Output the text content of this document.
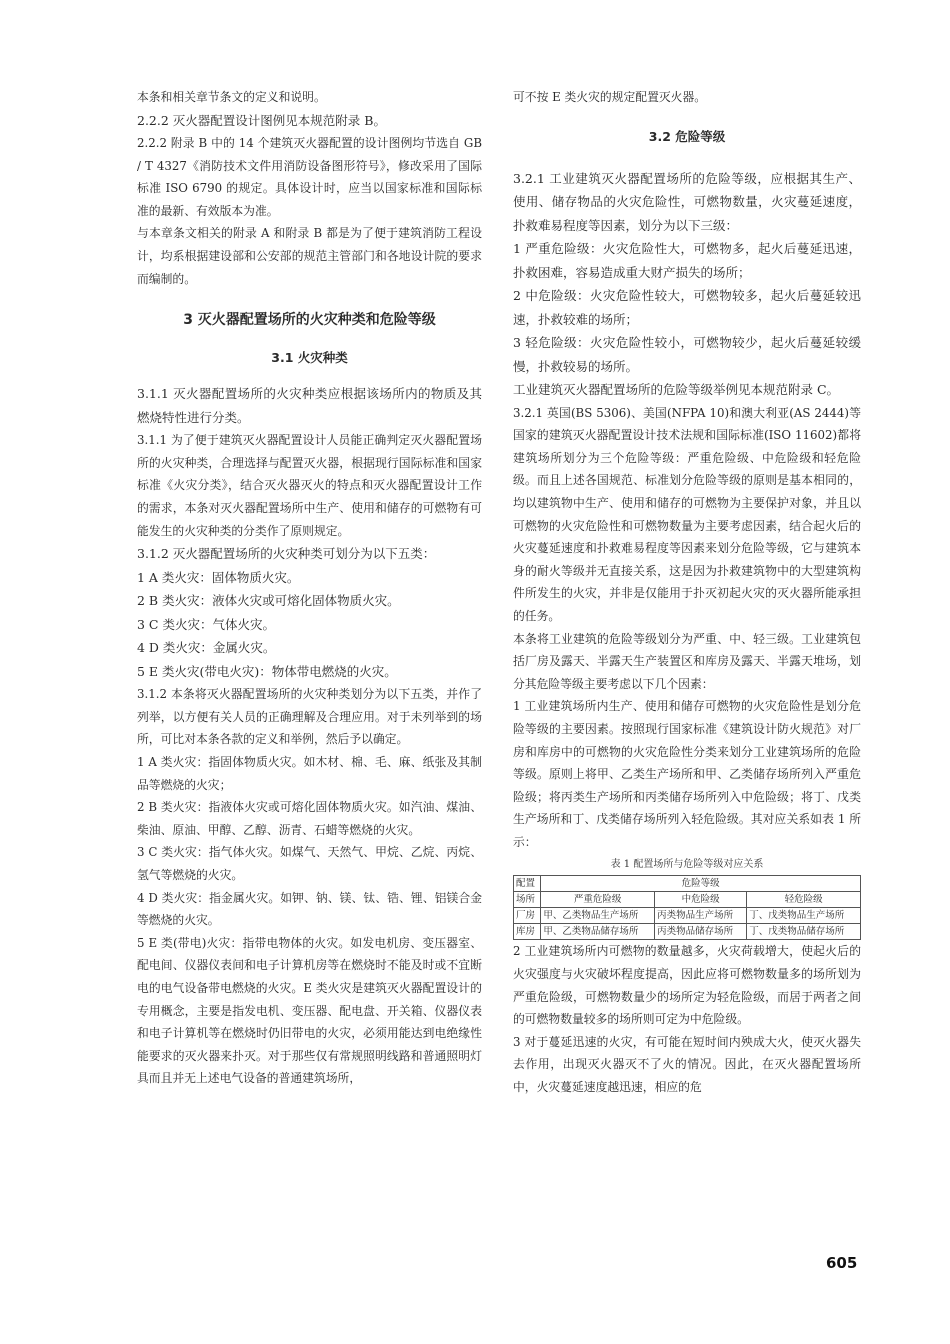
本条和相关章节条文的定义和说明。

2.2.2 灭火器配置设计图例见本规范附录 B。

2.2.2 附录 B 中的 14 个建筑灭火器配置的设计图例均节选自 GB / T 4327《消防技术文件用消防设备图形符号》，修改采用了国际标准 ISO 6790 的规定。具体设计时，应当以国家标准和国际标准的最新、有效版本为准。

与本章条文相关的附录 A 和附录 B 都是为了便于建筑消防工程设计，均系根据建设部和公安部的规范主管部门和各地设计院的要求而编制的。

3 灭火器配置场所的火灾种类和危险等级
3.1 火灾种类

3.1.1 灭火器配置场所的火灾种类应根据该场所内的物质及其燃烧特性进行分类。

3.1.1 为了便于建筑灭火器配置设计人员能正确判定灭火器配置场所的火灾种类，合理选择与配置灭火器，根据现行国际标准和国家标准《火灾分类》，结合灭火器灭火的特点和灭火器配置设计工作的需求，本条对灭火器配置场所中生产、使用和储存的可燃物有可能发生的火灾种类的分类作了原则规定。

3.1.2 灭火器配置场所的火灾种类可划分为以下五类：

1 A 类火灾：固体物质火灾。

2 B 类火灾：液体火灾或可熔化固体物质火灾。

3 C 类火灾：气体火灾。

4 D 类火灾：金属火灾。

5 E 类火灾(带电火灾)：物体带电燃烧的火灾。

3.1.2 本条将灭火器配置场所的火灾种类划分为以下五类，并作了列举，以方便有关人员的正确理解及合理应用。对于未列举到的场所，可比对本条各款的定义和举例，然后予以确定。

1 A 类火灾：指固体物质火灾。如木材、棉、毛、麻、纸张及其制品等燃烧的火灾；

2 B 类火灾：指液体火灾或可熔化固体物质火灾。如汽油、煤油、柴油、原油、甲醇、乙醇、沥青、石蜡等燃烧的火灾。

3 C 类火灾：指气体火灾。如煤气、天然气、甲烷、乙烷、丙烷、氢气等燃烧的火灾。

4 D 类火灾：指金属火灾。如钾、钠、镁、钛、锆、锂、铝镁合金等燃烧的火灾。

5 E 类(带电)火灾：指带电物体的火灾。如发电机房、变压器室、配电间、仪器仪表间和电子计算机房等在燃烧时不能及时或不宜断电的电气设备带电燃烧的火灾。E 类火灾是建筑灭火器配置设计的专用概念，主要是指发电机、变压器、配电盘、开关箱、仪器仪表和电子计算机等在燃烧时仍旧带电的火灾，必须用能达到电绝缘性能要求的灭火器来扑灭。对于那些仅有常规照明线路和普通照明灯具而且并无上述电气设备的普通建筑场所，

可不按 E 类火灾的规定配置灭火器。

3.2 危险等级

3.2.1 工业建筑灭火器配置场所的危险等级，应根据其生产、使用、储存物品的火灾危险性，可燃物数量，火灾蔓延速度，扑救难易程度等因素，划分为以下三级：

1 严重危险级：火灾危险性大，可燃物多，起火后蔓延迅速，扑救困难，容易造成重大财产损失的场所；

2 中危险级：火灾危险性较大，可燃物较多，起火后蔓延较迅速，扑救较难的场所；

3 轻危险级：火灾危险性较小，可燃物较少，起火后蔓延较缓慢，扑救较易的场所。

工业建筑灭火器配置场所的危险等级举例见本规范附录 C。

3.2.1 英国(BS 5306)、美国(NFPA 10)和澳大利亚(AS 2444)等国家的建筑灭火器配置设计技术法规和国际标准(ISO 11602)都将建筑场所划分为三个危险等级：严重危险级、中危险级和轻危险级。而且上述各国规范、标准划分危险等级的原则是基本相同的，均以建筑物中生产、使用和储存的可燃物为主要保护对象，并且以可燃物的火灾危险性和可燃物数量为主要考虑因素，结合起火后的火灾蔓延速度和扑救难易程度等因素来划分危险等级，它与建筑本身的耐火等级并无直接关系，这是因为扑救建筑物中的大型建筑构件所发生的火灾，并非是仅能用于扑灭初起火灾的灭火器所能承担的任务。

本条将工业建筑的危险等级划分为严重、中、轻三级。工业建筑包括厂房及露天、半露天生产装置区和库房及露天、半露天堆场，划分其危险等级主要考虑以下几个因素：

1 工业建筑场所内生产、使用和储存可燃物的火灾危险性是划分危险等级的主要因素。按照现行国家标准《建筑设计防火规范》对厂房和库房中的可燃物的火灾危险性分类来划分工业建筑场所的危险等级。原则上将甲、乙类生产场所和甲、乙类储存场所列入严重危险级；将丙类生产场所和丙类储存场所列入中危险级；将丁、戊类生产场所和丁、戊类储存场所列入轻危险级。其对应关系如表 1 所示：

表 1 配置场所与危险等级对应关系
配置	危险等级		
场所	严重危险级	中危险级	轻危险级
厂房	甲、乙类物品生产场所	丙类物品生产场所	丁、戊类物品生产场所
库房	甲、乙类物品储存场所	丙类物品储存场所	丁、戊类物品储存场所

2 工业建筑场所内可燃物的数量越多，火灾荷载增大，使起火后的火灾强度与火灾破坏程度提高，因此应将可燃物数量多的场所划为严重危险级，可燃物数量少的场所定为轻危险级，而居于两者之间的可燃物数量较多的场所则可定为中危险级。

3 对于蔓延迅速的火灾，有可能在短时间内殃成大火，使灭火器失去作用，出现灭火器灭不了火的情况。因此，在灭火器配置场所中，火灾蔓延速度越迅速，相应的危

605
